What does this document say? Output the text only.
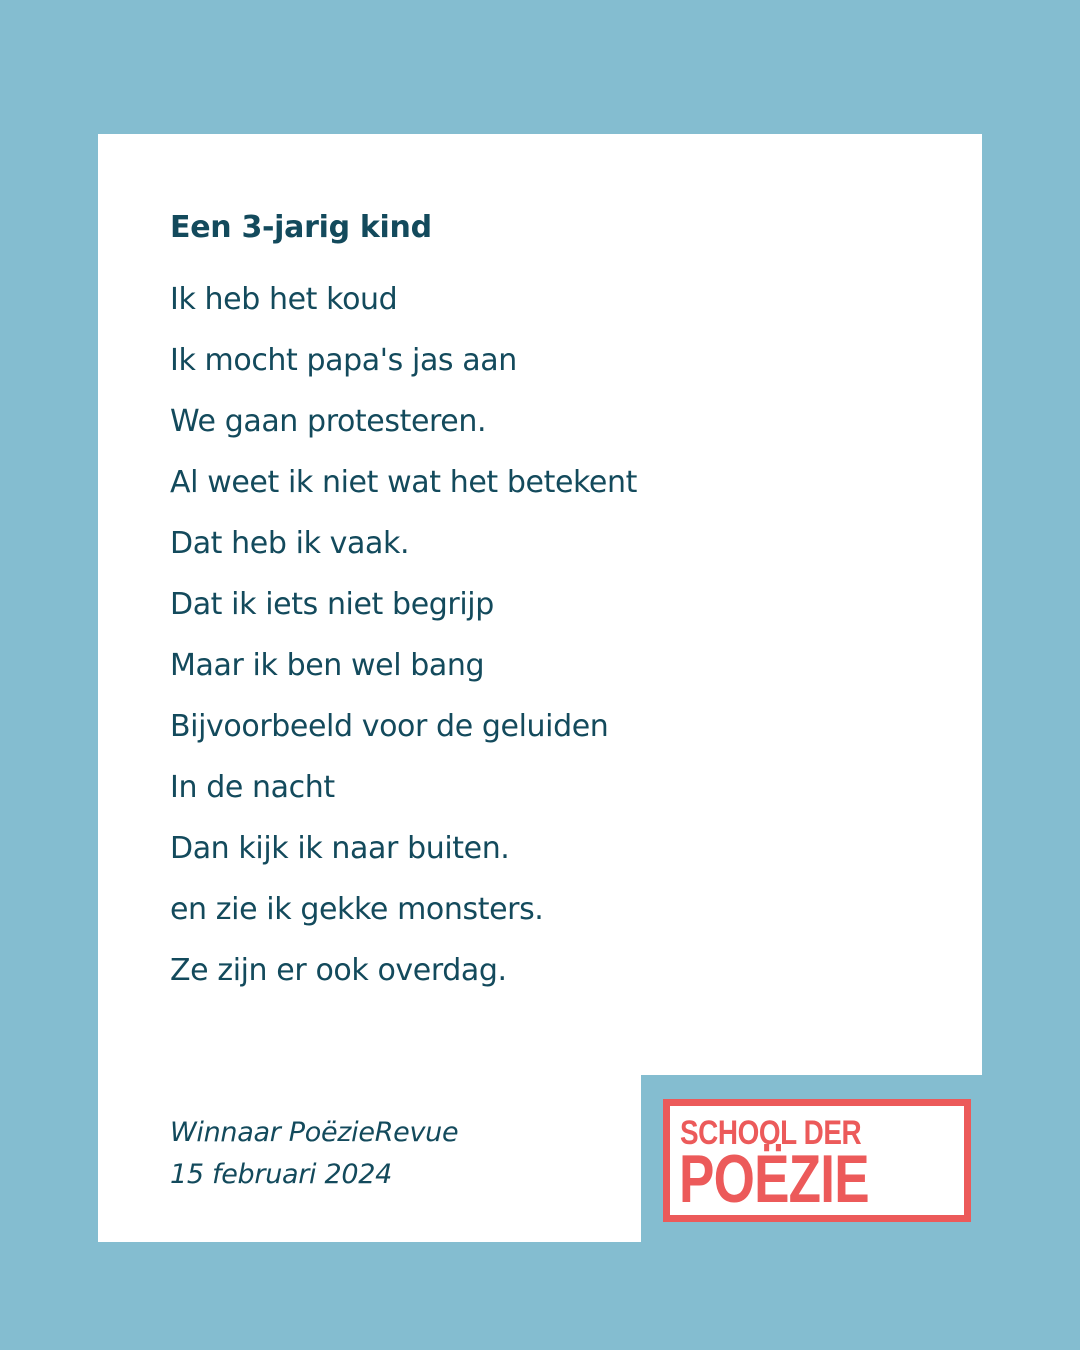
Een 3-jarig kind
Ik heb het koud
Ik mocht papa's jas aan
We gaan protesteren.
Al weet ik niet wat het betekent
Dat heb ik vaak.
Dat ik iets niet begrijp
Maar ik ben wel bang
Bijvoorbeeld voor de geluiden
In de nacht
Dan kijk ik naar buiten.
en zie ik gekke monsters.
Ze zijn er ook overdag.
Winnaar PoëzieRevue
15 februari 2024
SCHOOL DER
POËZIE
